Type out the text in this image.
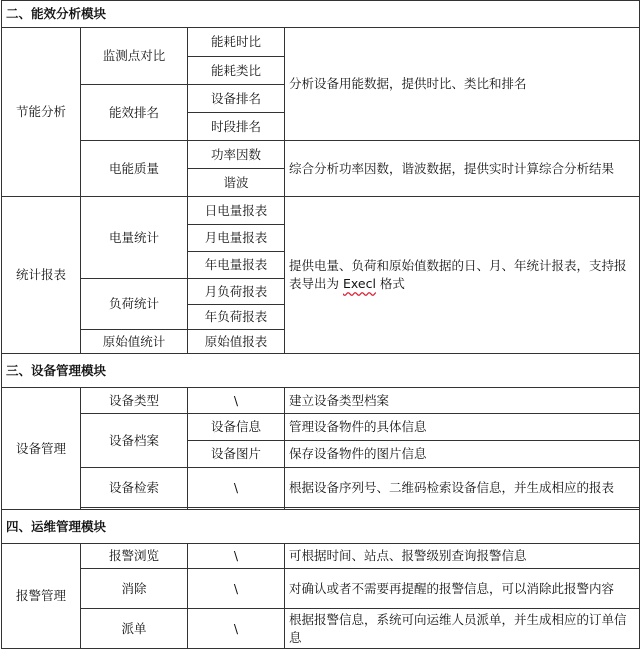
二、能效分析模块			
节能分析	监测点对比	能耗时比	分析设备用能数据，提供时比、类比和排名
		能耗类比	
	能效排名	设备排名	
		时段排名	
	电能质量	功率因数	综合分析功率因数，谐波数据，提供实时计算综合分析结果
		谐波	
统计报表	电量统计	日电量报表	提供电量、负荷和原始值数据的日、月、年统计报表，支持报表导出为 Execl 格式
		月电量报表	
		年电量报表	
	负荷统计	月负荷报表	
		年负荷报表	
	原始值统计	原始值报表	
三、设备管理模块			
设备管理	设备类型	\	建立设备类型档案
	设备档案	设备信息	管理设备物件的具体信息
		设备图片	保存设备物件的图片信息
	设备检索	\	根据设备序列号、二维码检索设备信息，并生成相应的报表

四、运维管理模块			
报警管理	报警浏览	\	可根据时间、站点、报警级别查询报警信息
	消除	\	对确认或者不需要再提醒的报警信息，可以消除此报警内容
	派单	\	根据报警信息，系统可向运维人员派单，并生成相应的订单信息
